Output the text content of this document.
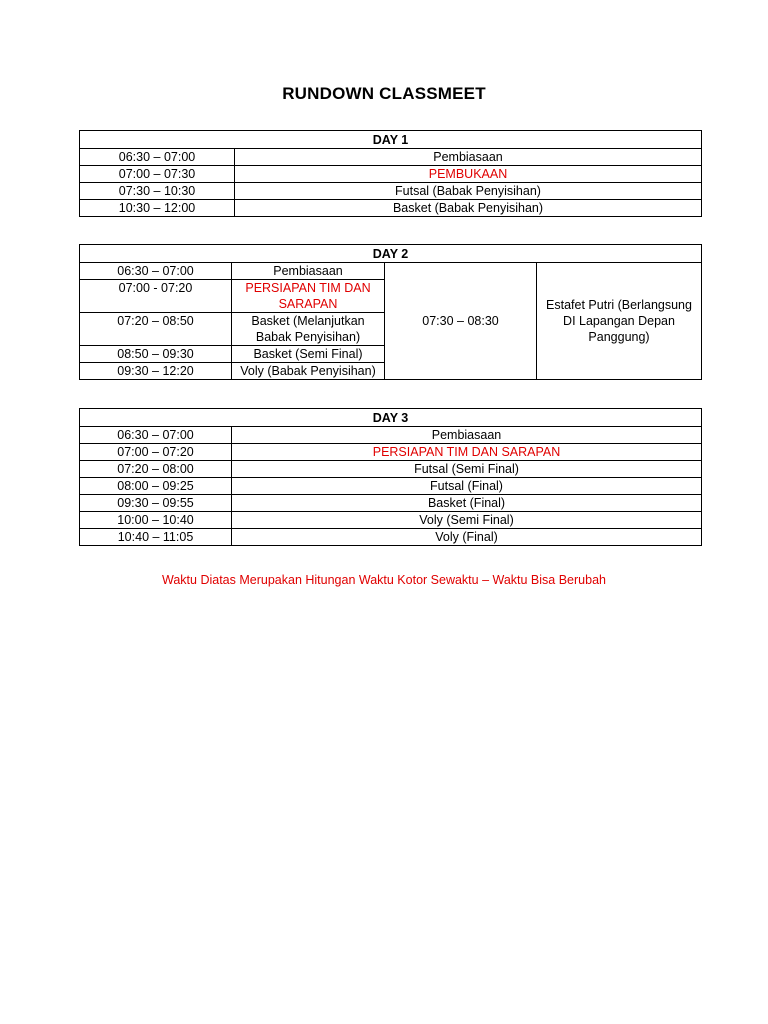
RUNDOWN CLASSMEET
DAY 1	
06:30 – 07:00	Pembiasaan
07:00 – 07:30	PEMBUKAAN
07:30 – 10:30	Futsal (Babak Penyisihan)
10:30 – 12:00	Basket (Babak Penyisihan)
DAY 2			
06:30 – 07:00	Pembiasaan	07:30 – 08:30	Estafet Putri (Berlangsung DI Lapangan Depan Panggung)
07:00 - 07:20	PERSIAPAN TIM DAN SARAPAN		
07:20 – 08:50	Basket (Melanjutkan Babak Penyisihan)		
08:50 – 09:30	Basket (Semi Final)		
09:30 – 12:20	Voly (Babak Penyisihan)		
DAY 3	
06:30 – 07:00	Pembiasaan
07:00 – 07:20	PERSIAPAN TIM DAN SARAPAN
07:20 – 08:00	Futsal (Semi Final)
08:00 – 09:25	Futsal (Final)
09:30 – 09:55	Basket (Final)
10:00 – 10:40	Voly (Semi Final)
10:40 – 11:05	Voly (Final)
Waktu Diatas Merupakan Hitungan Waktu Kotor Sewaktu – Waktu Bisa Berubah
